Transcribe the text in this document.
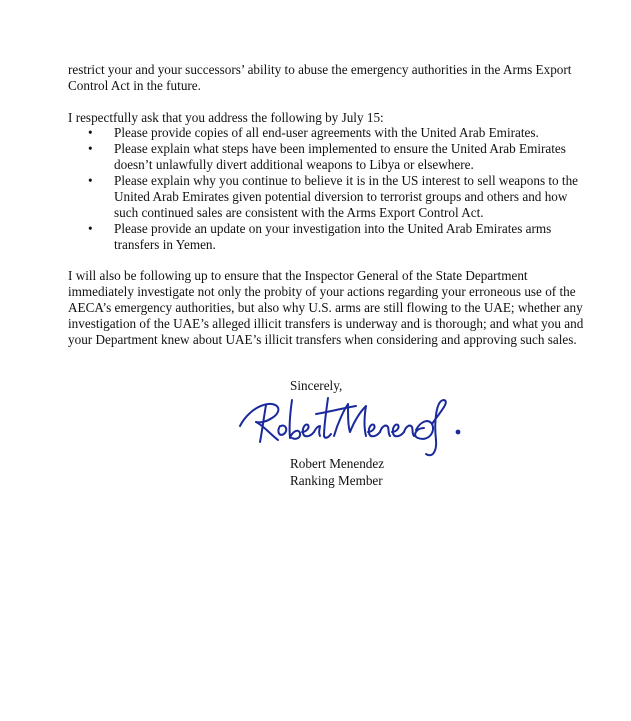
restrict your and your successors’ ability to abuse the emergency authorities in the Arms Export Control Act in the future.

I respectfully ask that you address the following by July 15:

• Please provide copies of all end-user agreements with the United Arab Emirates.
• Please explain what steps have been implemented to ensure the United Arab Emirates doesn’t unlawfully divert additional weapons to Libya or elsewhere.
• Please explain why you continue to believe it is in the US interest to sell weapons to the United Arab Emirates given potential diversion to terrorist groups and others and how such continued sales are consistent with the Arms Export Control Act.
• Please provide an update on your investigation into the United Arab Emirates arms transfers in Yemen.

I will also be following up to ensure that the Inspector General of the State Department immediately investigate not only the probity of your actions regarding your erroneous use of the AECA’s emergency authorities, but also why U.S. arms are still flowing to the UAE; whether any investigation of the UAE’s alleged illicit transfers is underway and is thorough; and what you and your Department knew about UAE’s illicit transfers when considering and approving such sales.

Sincerely,

Robert Menendez

Ranking Member
